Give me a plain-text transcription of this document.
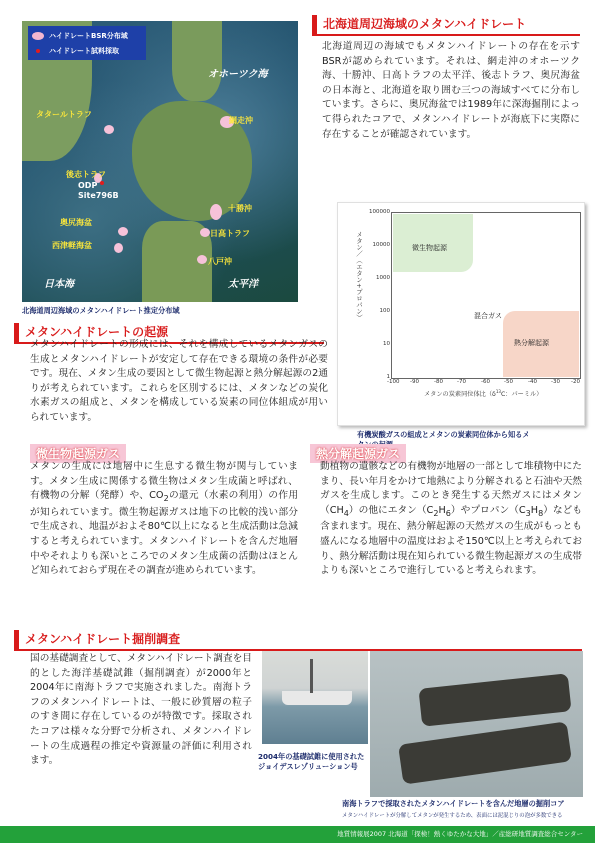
ハイドレートBSR分布域
ハイドレート試料採取
オホーツク海
網走沖
タタールトラフ
後志トラフ
ODP
Site796B
奥尻海盆
西津軽海盆
十勝沖
日高トラフ
八戸沖
日本海	太平洋
北海道周辺海域のメタンハイドレート推定分布域
北海道周辺海域のメタンハイドレート
北海道周辺の海域でもメタンハイドレートの存在を示すBSRが認められています。それは、網走沖のオホーツク海、十勝沖、日高トラフの太平洋、後志トラフ、奥尻海盆の日本海と、北海道を取り囲む三つの海域すべてに分布しています。さらに、奥尻海盆では1989年に深海掘削によって得られたコアで、メタンハイドレートが海底下に実際に存在することが確認されています。
メタンハイドレートの起源
メタンハイドレートの形成には、それを構成しているメタンガスの生成とメタンハイドレートが安定して存在できる環境の条件が必要です。現在、メタン生成の要因として微生物起源と熱分解起源の2通りが考えられています。これらを区別するには、メタンなどの炭化水素ガスの組成と、メタンを構成している炭素の同位体組成が用いられています。
メタン／（エタン+プロパン）	微生物起源
混合ガス
熱分解起源
100000
10000
1000
100
10
1
-100 -90	-80	-70	-60	-50	-40	-30 -20
メタンの炭素同位体比（$\delta^{13}C$：パーミル）
有機炭酸ガスの組成とメタンの炭素同位体から知るメ
微生物起源ガス
メタンの生成には地層中に生息する微生物が関与しています。メタン生成に関係する微生物はメタン生成菌と呼ばれ、有機物の分解（発酵）や、$CO_2$の還元（水素の利用）の作用が知られています。微生物起源ガスは地下の比較的浅い部分で生成され、地温がおよそ80℃以上になると生成活動は急減すると考えられています。メタンハイドレートを含んだ地層中やそれよりも深いところでのメタン生成菌の活動はほとんど知られておらず現在その調査が進められています。
熱分解起源ガス
動植物の遺骸などの有機物が地層の一部として堆積物中にたまり、長い年月をかけて地熱により分解されると石油や天然ガスを生成します。このとき発生する天然ガスにはメタン$(CH_4)$の他にエタン$(C_2H_6)$やプロパン$(C_3H_8)$なども含まれます。現在、熱分解起源の天然ガスの生成がもっとも盛んになる地層中の温度はおよそ150℃以上と考えられており、熱分解活動は現在知られている微生物起源ガスの生成帯よりも深いところで進行していると考えられます。
メタンハイドレート掘削調査
国の基礎調査として、メタンハイドレート調査を目的とした海洋基礎試錐（掘削調査）が2000年と2004年に南海トラフで実施されました。南海トラフのメタンハイドレートは、一般に砂質層の粒子のすき間に存在しているのが特徴です。採取されたコアは様々な分野で分析され、メタンハイドレートの生成過程の推定や資源量の評価に利用されます。	2004年の基礎試錐に使用されたジョイデスレゾリューション号
南海トラフで採取されたメタンハイドレートを含んだ地層の掘削コア
メタンハイドレートが分解してメタンが発生するため、表面には泥混じりの泡が多数できる
地質情報展2007 北海道「探検！熱くゆたかな大地」／産総研地質調査総合センター
